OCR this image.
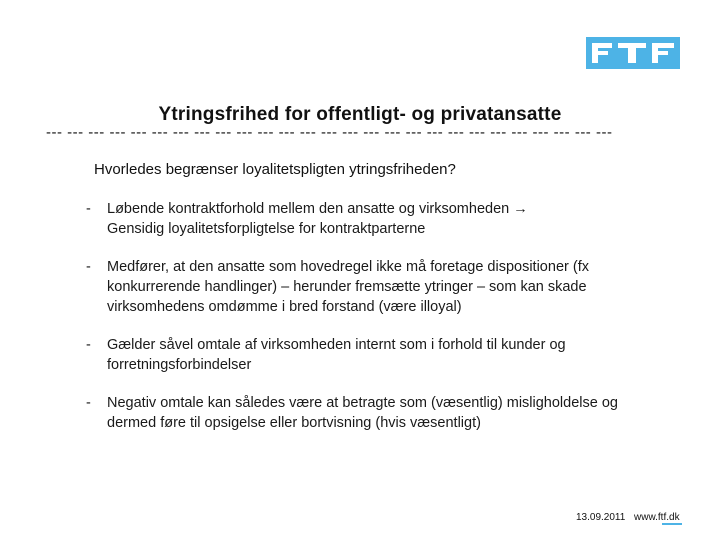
Ytringsfrihed for offentligt- og privatansatte
--- --- --- --- --- --- --- --- --- --- --- --- --- --- --- --- --- --- --- --- --- --- --- --- --- --- ---
Hvorledes begrænser loyalitetspligten ytringsfriheden?
- Løbende kontraktforhold mellem den ansatte og virksomheden →
Gensidig loyalitetsforpligtelse for kontraktparterne
- Medfører, at den ansatte som hovedregel ikke må foretage dispositioner (fx konkurrerende handlinger) – herunder fremsætte ytringer – som kan skade virksomhedens omdømme i bred forstand (være illoyal)
- Gælder såvel omtale af virksomheden internt som i forhold til kunder og forretningsforbindelser
- Negativ omtale kan således være at betragte som (væsentlig) misligholdelse og dermed føre til opsigelse eller bortvisning (hvis væsentligt)
13.09.2011 www.ftf.dk
